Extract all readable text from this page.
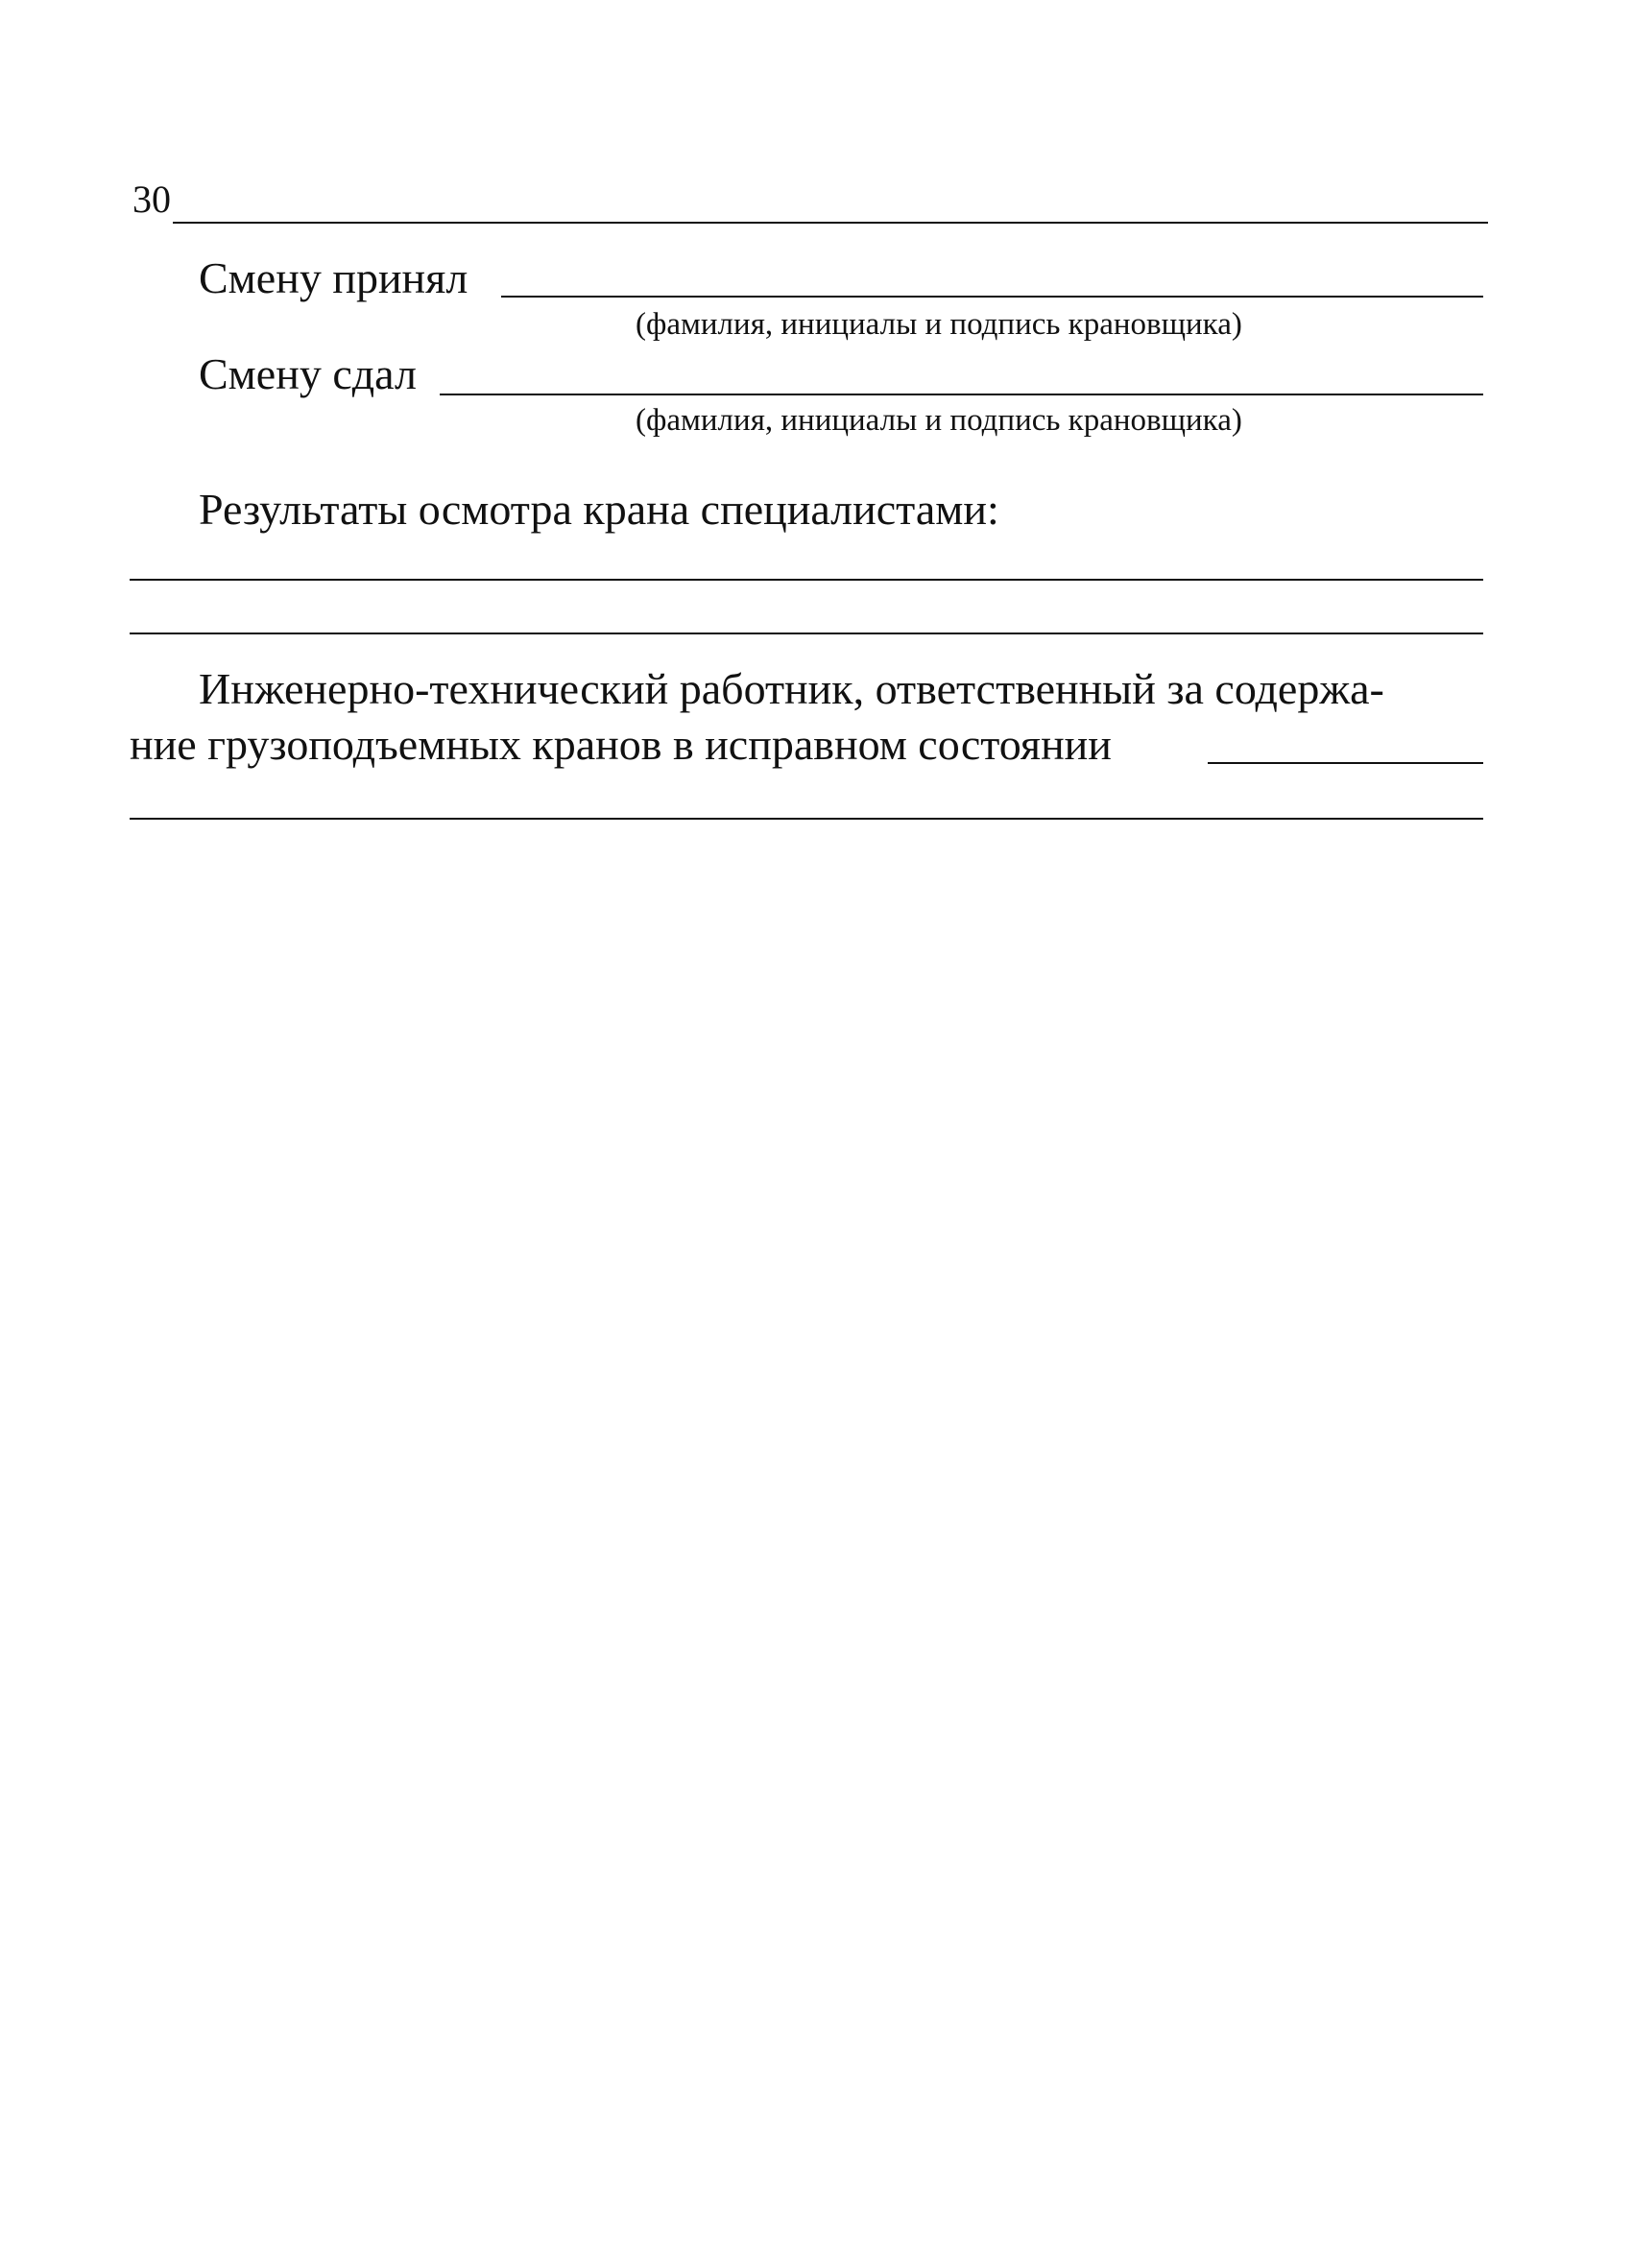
30
Смену принял
(фамилия, инициалы и подпись крановщика)
Смену сдал
(фамилия, инициалы и подпись крановщика)
Результаты осмотра крана специалистами:
Инженерно-технический работник, ответственный за содержа-
ние грузоподъемных кранов в исправном состоянии
